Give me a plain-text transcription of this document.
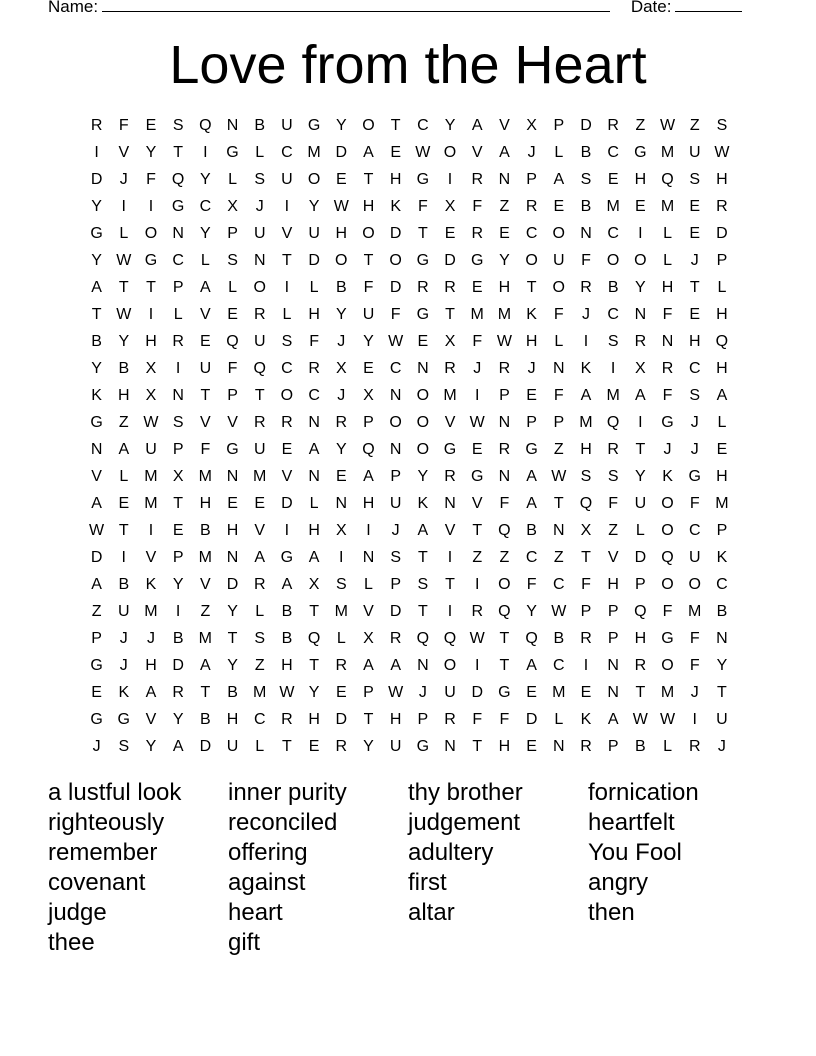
Name:	Date:
Love from the Heart
R	F	E	S Q N	B	U G Y O	T	C	Y	A	V	X	P	D R	Z W Z	S
I	V	Y	T	I	G	L	C M D	A	E W O V	A	J	L	B	C G M U W
D	J	F	Q Y	L	S	U O E	T	H G	I	R N	P	A	S	E	H Q S	H
Y	I	I	G C	X	J	I	Y W H	K	F	X	F	Z	R	E	B M E M E	R
G	L	O N	Y	P	U	V	U H O D	T	E	R	E	C O N C	I	L	E	D
Y W G C	L	S	N	T	D O	T	O G D G Y O U	F	O O	L	J	P
A	T	T	P	A	L	O	I	L	B	F	D R R	E	H	T	O R	B	Y	H	T	L
T W	I	L	V	E	R	L	H	Y	U	F	G	T M M K	F	J	C N	F	E	H
B	Y	H R	E Q U	S	F	J	Y W E	X	F W H	L	I	S	R N H Q
Y	B	X	I	U	F	Q C R	X	E	C N R	J	R	J	N	K	I	X	R C H
K	H	X	N	T	P	T	O C	J	X	N O M	I	P	E	F	A M A	F	S	A
G	Z W S	V	V	R R N R	P O O V W N	P	P M Q	I	G	J	L
N	A	U	P	F	G U	E	A	Y Q N O G E	R G	Z	H R	T	J	J	E
V	L	M X M N M V	N	E	A	P	Y	R G N	A W S	S	Y	K G H
A	E M T	H	E	E	D	L	N H U	K	N	V	F	A	T	Q	F	U O	F M
W T	I	E	B	H	V	I	H	X	I	J	A	V	T	Q B	N	X	Z	L	O C	P
D	I	V	P M N	A G A	I	N	S	T	I	Z	Z	C	Z	T	V	D Q U	K
A	B	K	Y	V	D R	A	X	S	L	P	S	T	I	O	F	C	F	H	P O O C
Z	U M	I	Z	Y	L	B	T M V	D	T	I	R Q Y W P	P Q	F M B
P	J	J	B M T	S	B Q	L	X	R Q Q W T	Q B	R	P	H G	F	N
G	J	H D	A	Y	Z	H	T	R	A	A	N O	I	T	A	C	I	N R O	F	Y
E	K	A	R	T	B M W Y	E	P W J	U D G E M E	N	T M	J	T
G G V	Y	B	H C R H D	T	H	P	R	F	F	D	L	K	A W W	I	U
J	S	Y	A	D U	L	T	E	R	Y	U G N	T	H	E	N R	P	B	L	R	J
a lustful look	inner purity	thy brother	fornication
righteously	reconciled	judgement	heartfelt
remember	offering	adultery	You Fool
covenant	against	first	angry
judge	heart	altar	then
thee	gift
